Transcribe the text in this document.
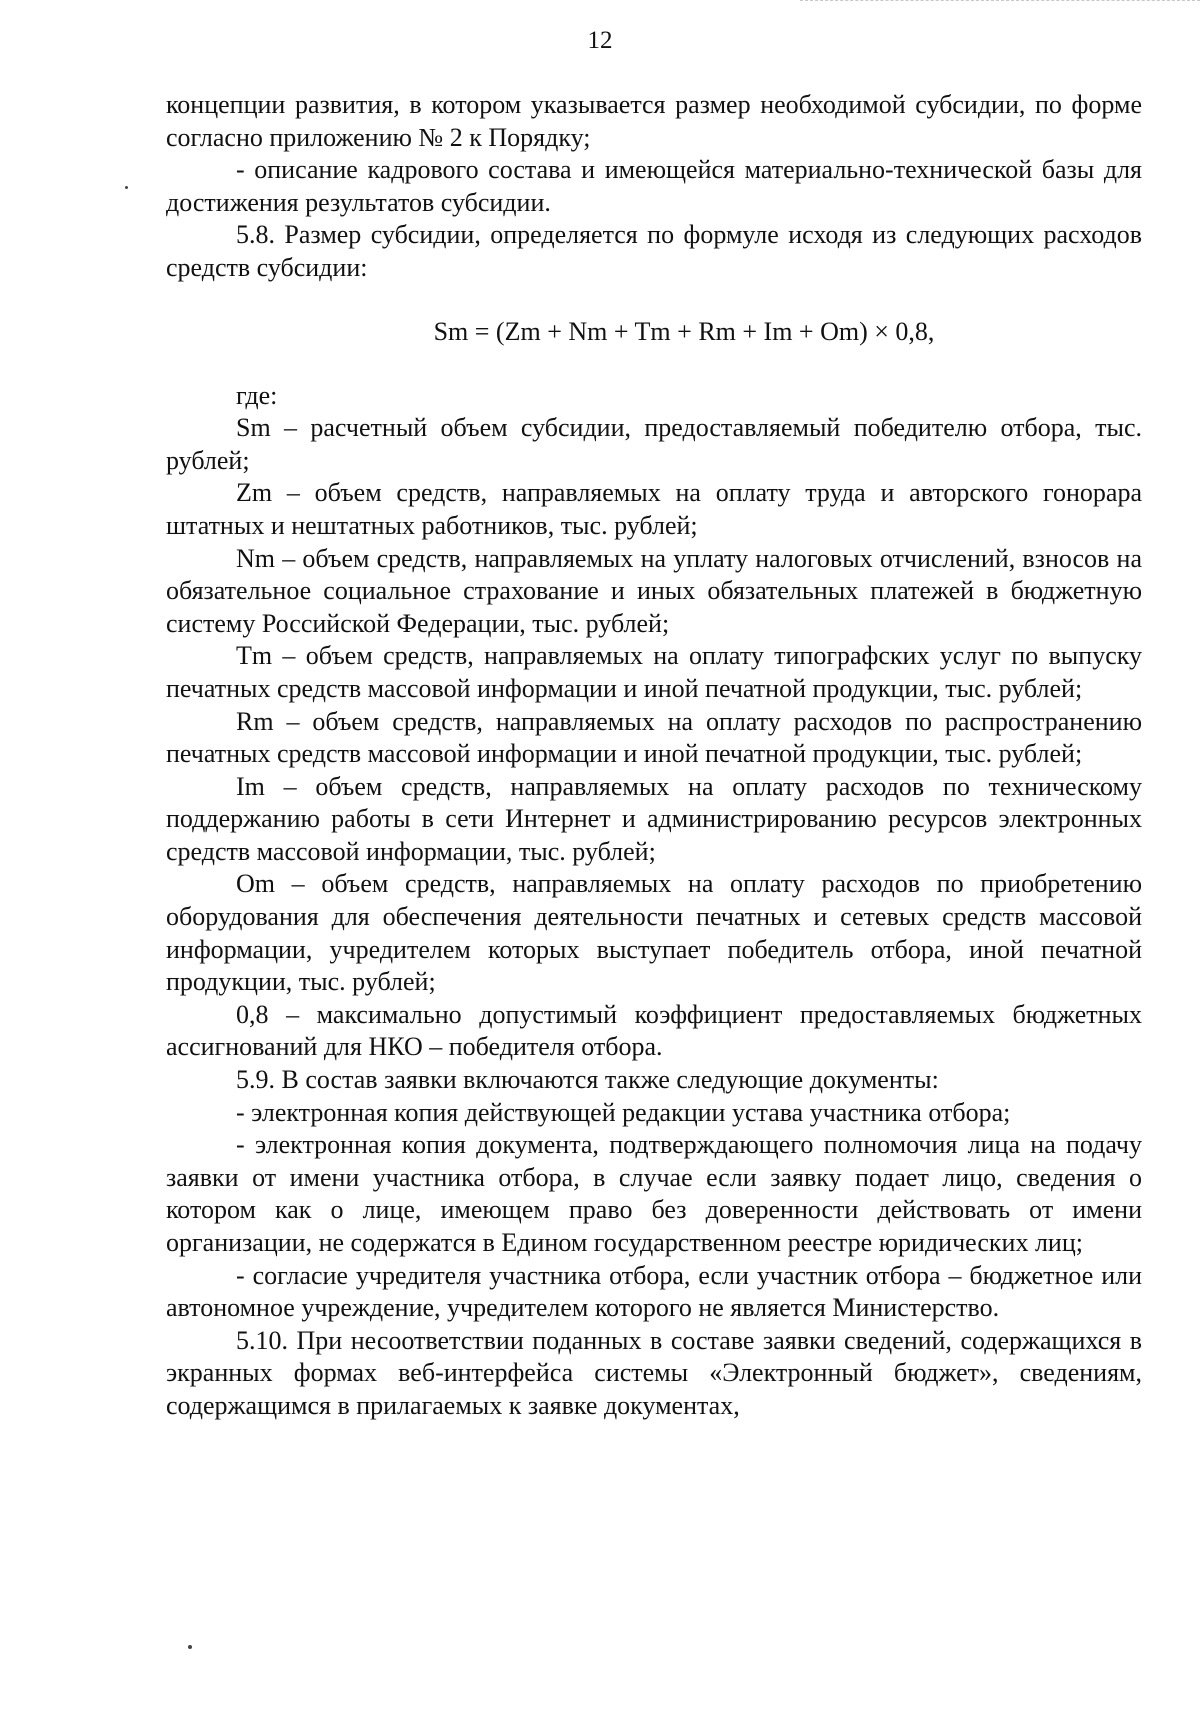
12

концепции развития, в котором указывается размер необходимой субсидии, по форме согласно приложению № 2 к Порядку;

- описание кадрового состава и имеющейся материально-технической базы для достижения результатов субсидии.

5.8. Размер субсидии, определяется по формуле исходя из следующих расходов средств субсидии:

Sm = (Zm + Nm + Tm + Rm + Im + Om) × 0,8,

где:

Sm – расчетный объем субсидии, предоставляемый победителю отбора, тыс. рублей;

Zm – объем средств, направляемых на оплату труда и авторского гонорара штатных и нештатных работников, тыс. рублей;

Nm – объем средств, направляемых на уплату налоговых отчислений, взносов на обязательное социальное страхование и иных обязательных платежей в бюджетную систему Российской Федерации, тыс. рублей;

Tm – объем средств, направляемых на оплату типографских услуг по выпуску печатных средств массовой информации и иной печатной продукции, тыс. рублей;

Rm – объем средств, направляемых на оплату расходов по распространению печатных средств массовой информации и иной печатной продукции, тыс. рублей;

Im – объем средств, направляемых на оплату расходов по техническому поддержанию работы в сети Интернет и администрированию ресурсов электронных средств массовой информации, тыс. рублей;

Om – объем средств, направляемых на оплату расходов по приобретению оборудования для обеспечения деятельности печатных и сетевых средств массовой информации, учредителем которых выступает победитель отбора, иной печатной продукции, тыс. рублей;

0,8 – максимально допустимый коэффициент предоставляемых бюджетных ассигнований для НКО – победителя отбора.

5.9. В состав заявки включаются также следующие документы:

- электронная копия действующей редакции устава участника отбора;

- электронная копия документа, подтверждающего полномочия лица на подачу заявки от имени участника отбора, в случае если заявку подает лицо, сведения о котором как о лице, имеющем право без доверенности действовать от имени организации, не содержатся в Едином государственном реестре юридических лиц;

- согласие учредителя участника отбора, если участник отбора – бюджетное или автономное учреждение, учредителем которого не является Министерство.

5.10. При несоответствии поданных в составе заявки сведений, содержащихся в экранных формах веб-интерфейса системы «Электронный бюджет», сведениям, содержащимся в прилагаемых к заявке документах,
